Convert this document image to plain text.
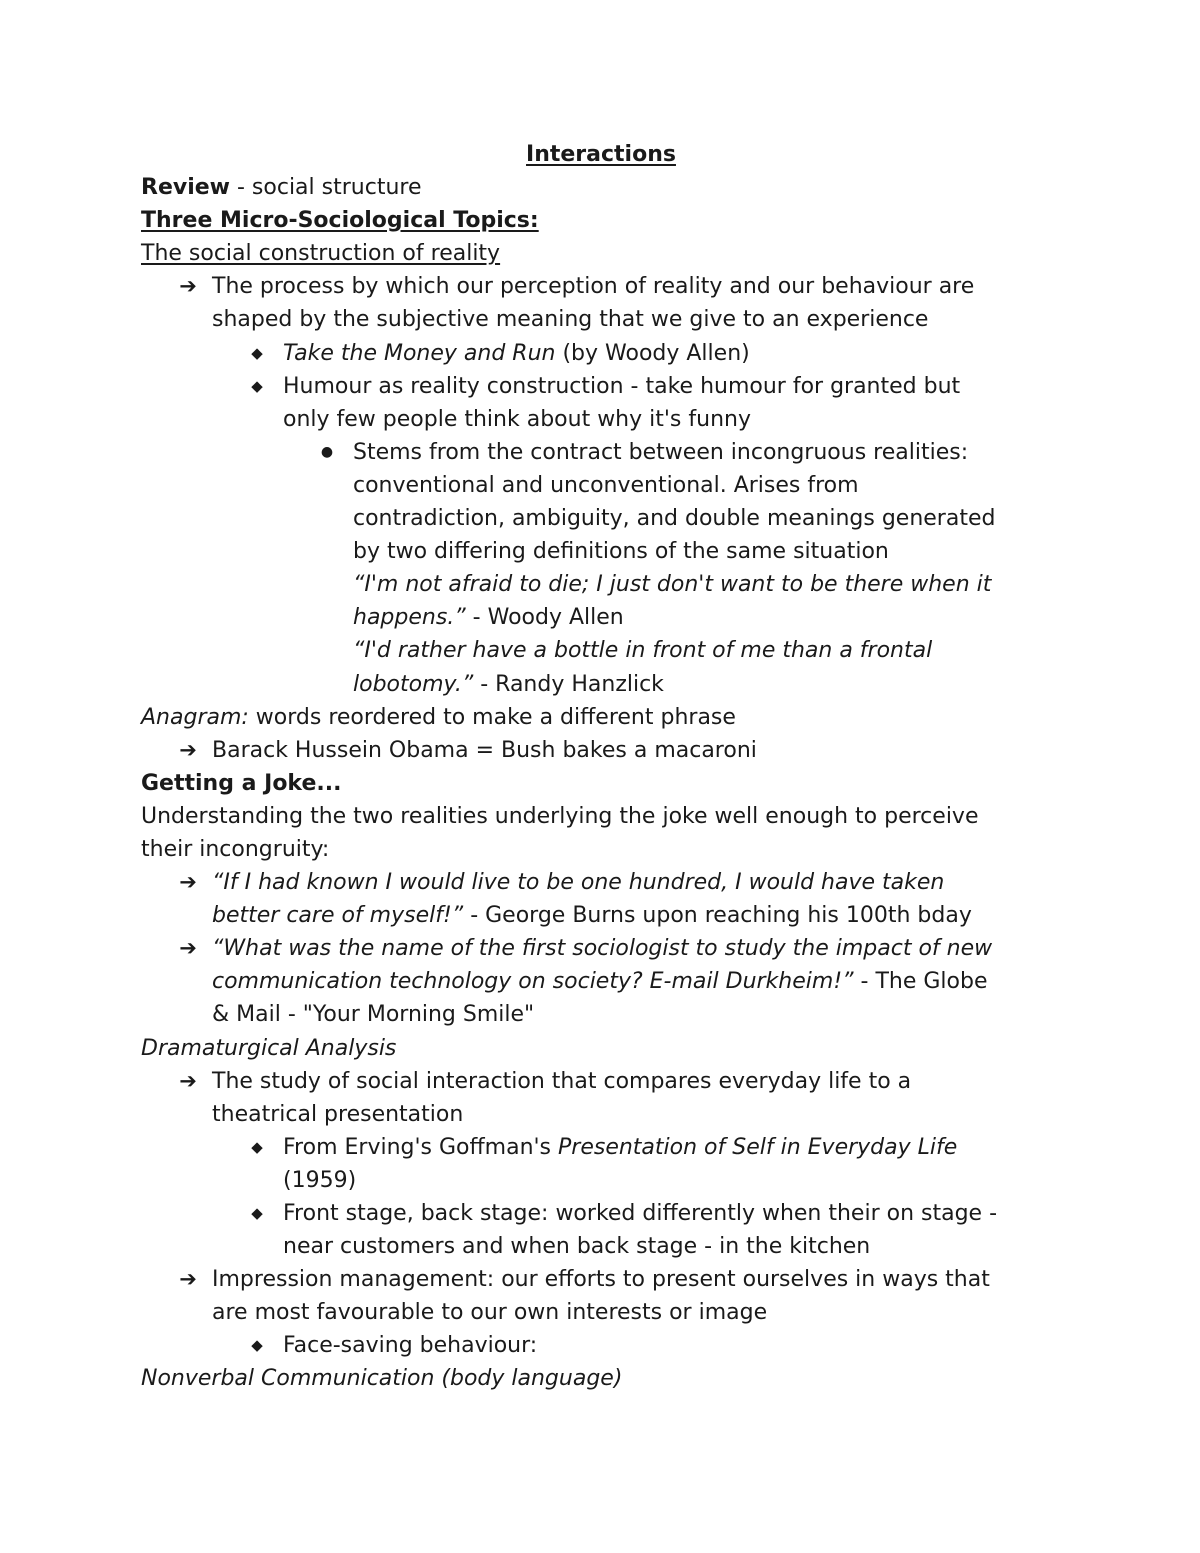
Interactions
Review - social structure
Three Micro-Sociological Topics:
The social construction of reality
➔ The process by which our perception of reality and our behaviour are
shaped by the subjective meaning that we give to an experience
◆ Take the Money and Run (by Woody Allen)
◆ Humour as reality construction - take humour for granted but
only few people think about why it's funny
● Stems from the contract between incongruous realities:
conventional and unconventional. Arises from
contradiction, ambiguity, and double meanings generated
by two differing definitions of the same situation
“I'm not afraid to die; I just don't want to be there when it
happens.” - Woody Allen
“I'd rather have a bottle in front of me than a frontal
lobotomy.” - Randy Hanzlick
Anagram: words reordered to make a different phrase
➔ Barack Hussein Obama = Bush bakes a macaroni
Getting a Joke...
Understanding the two realities underlying the joke well enough to perceive
their incongruity:
➔ “If I had known I would live to be one hundred, I would have taken
better care of myself!” - George Burns upon reaching his 100th bday
➔ “What was the name of the first sociologist to study the impact of new
communication technology on society? E-mail Durkheim!” - The Globe
& Mail - "Your Morning Smile"
Dramaturgical Analysis
➔ The study of social interaction that compares everyday life to a
theatrical presentation
◆ From Erving's Goffman's Presentation of Self in Everyday Life
(1959)
◆ Front stage, back stage: worked differently when their on stage -
near customers and when back stage - in the kitchen
➔ Impression management: our efforts to present ourselves in ways that
are most favourable to our own interests or image
◆ Face-saving behaviour:
Nonverbal Communication (body language)
